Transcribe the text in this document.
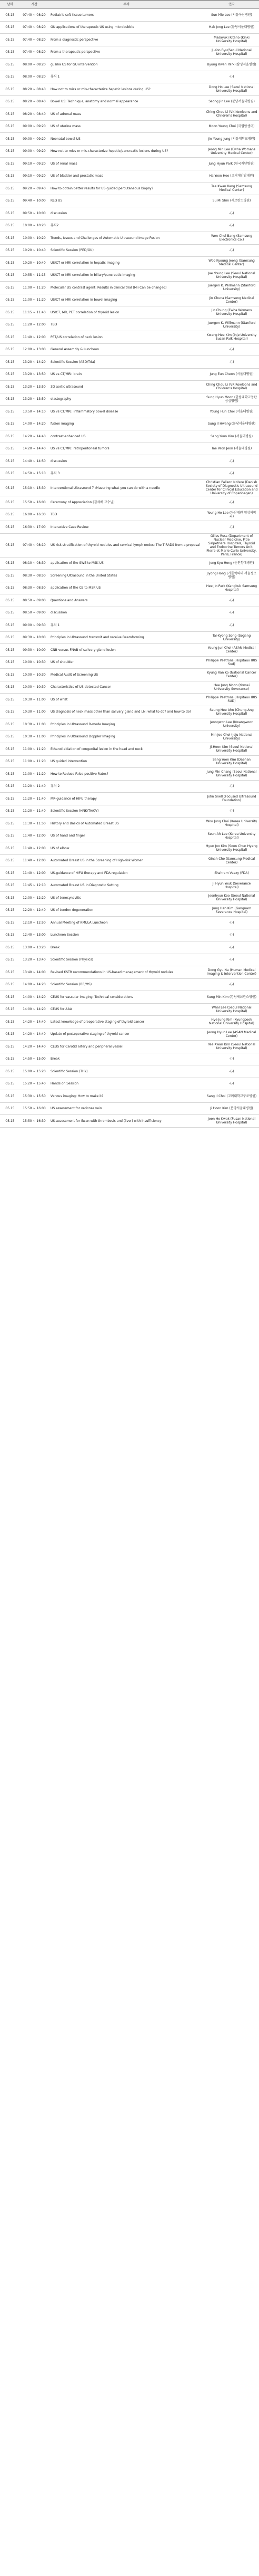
날짜	시간	주제	연자
05.15	07:40 ~ 08:20	Pediatric soft tissue tumors	Sun Mie Lee (서울아산병원)
05.15	07:40 ~ 08:20	GU applications of therapeutic US using microbubble	Hak Jong Lee (분당서울대병원)
05.15	07:40 ~ 08:20	From a diagnostic perspective	Masayuki Kitano (Kinki University Hospital)
05.15	07:40 ~ 08:20	From a therapeutic perspective	Ji-Kon Ryu(Seoul National University Hospital)
05.15	08:00 ~ 08:20	gusiha US for GU intervention	Byung Kwan Park (삼성서울병원)
05.15	08:00 ~ 08:20	휴식 1	-(-)
05.15	08:20 ~ 08:40	How not to miss or mis-characterize hepatic lesions during US?	Dong Ho Lee (Seoul National University Hospital)
05.15	08:20 ~ 08:40	Bowel US: Technique, anatomy and normal appearance	Seong Jin Lee (분당서울대병원)
05.15	08:20 ~ 08:40	US of adrenal mass	Ching Chou Li (VK Kowloons and Children's Hospital)
05.15	09:00 ~ 09:20	US of uterine mass	Moon Young Choi (국립암센터)
05.15	09:00 ~ 09:20	Neonatal bowel US	Jin Young Jung (서울대학교병원)
05.15	09:00 ~ 09:20	How not to miss or mis-characterize hepatic/pancreatic lesions during US?	Jeong Min Lee (Ewha Womans University Medical Center)
05.15	09:10 ~ 09:20	US of renal mass	Jung Hyun Park (한국재단병원)
05.15	09:10 ~ 09:20	US of bladder and prostatic mass	Ha Yoon Hee (고려대안암병원)
05.15	09:20 ~ 09:40	How to obtain better results for US-guided percutaneous biopsy?	Tae Kwan Kang (Samsung Medical Center)
05.15	09:40 ~ 10:00	RLQ US	Su Mi Shin (세브란스병원)
05.15	09:50 ~ 10:00	discussion	-(-)
05.15	10:00 ~ 10:20	휴식2	-(-)
05.15	10:00 ~ 10:20	Trends, Issues and Challenges of Automatic Ultrasound Image Fusion	Won-Chul Bang (Samsung Electronics Co.)
05.15	10:20 ~ 10:40	Scientific Session (PED/GU)	-(-)
05.15	10:20 ~ 10:40	US/CT or MRI correlation in hepatic imaging	Woo Kyoung Jeong (Samsung Medical Center)
05.15	10:55 ~ 11:15	US/CT or MRI correlation in biliary/pancreatic imaging	Jae Young Lee (Seoul National University Hospital)
05.15	11:00 ~ 11:20	Molecular US contrast agent: Results in clinical trial (Mii Can be changed)	Juergen K. Willmann (Stanford University)
05.15	11:00 ~ 11:20	US/CT or MRI correlation in bowel imaging	Jin Chuna (Samsung Medical Center)
05.15	11:15 ~ 11:40	US/CT, MR, PET correlation of thyroid lesion	Jin Chung (Ewha Womans University Hospital)
05.15	11:20 ~ 12:00	TBD	Juergen K. Willmann (Stanford University)
05.15	11:40 ~ 12:00	PET/US correlation of neck lesion	Kwang Hee Kim (Inje University Busan Paik Hospital)
05.15	12:00 ~ 13:00	General Assembly & Luncheon	-(-)
05.15	13:20 ~ 14:20	Scientific Session (ABD/Tda)	-(-)
05.15	13:20 ~ 13:50	US vs CT/MRI: brain	Jung Eun Cheon (서울대병원)
05.15	13:20 ~ 13:50	3D aortic ultrasound	Ching Chou Li (VK Kowloons and Children's Hospital)
05.15	13:20 ~ 13:50	elastography	Sung Hyun Moon (한림대학교동탄성심병원)
05.15	13:50 ~ 14:10	US vs CT/MRI: inflammatory bowel disease	Young Hun Choi (서울대병원)
05.15	14:00 ~ 14:20	fusion imaging	Sung Il Hwang (분당서울대병원)
05.15	14:20 ~ 14:40	contrast-enhanced US	Sang Youn Kim (서울대병원)
05.15	14:20 ~ 14:40	US vs CT/MRI: retroperitoneal tumors	Tae Yeon Jeon (서울대병원)
05.15	14:40 ~ 14:50	discussion	-(-)
05.15	14:50 ~ 15:10	휴식 3	-(-)
05.15	15:10 ~ 15:30	Interventional Ultrasound 7 :Masuring what you can do with a needle	Christian Pallson Nolsoe (Danish Society of Diagnostic Ultrasound Center for Clinical Education and University of Copenhagen)
05.15	15:50 ~ 16:00	Ceremony of Appreciation (김세배 교수님)	-(-)
05.15	16:00 ~ 16:30	TBD	Young Ho Lee (아산병원 영상의학과)
05.15	16:30 ~ 17:00	Interactive Case Review	-(-)
05.15	07:40 ~ 08:10	US risk stratification of thyroid nodules and cervical lymph nodes: The TIRADS from a proposal	Gilles Russ (Department of Nuclear Medicine, Pitie Salpetriere Hospitals, Thyroid and Endocrine Tumors Unit, Pierre et Marie Curie University, Paris, France)
05.15	08:10 ~ 08:30	application of the SWE to MSK US	Jong Kyu Hong (순천향대병원)
05.15	08:30 ~ 08:50	Screening Ultrasound in the United States	Jiyong Hong (가톨릭의대 서울성모병원)
05.15	08:30 ~ 08:50	application of the CE to MSK US	Hee Jin Park (Kangbuk Samsung Hospital)
05.15	08:50 ~ 09:00	Questions and Answers	-(-)
05.15	08:50 ~ 09:00	discussion	-(-)
05.15	09:00 ~ 09:30	휴식 1	-(-)
05.15	09:30 ~ 10:00	Principles in Ultrasound transmit and receive Beamforming	Tai-Kyong Song (Sogang University)
05.15	09:30 ~ 10:00	CNB versus FNAB of salivary gland lesion	Young Jun Choi (ASAN Medical Center)
05.15	10:00 ~ 10:30	US of shoulder	Philippe Peetrons (Hopitaux IRIS Sud)
05.15	10:00 ~ 10:30	Medical Audit of Screening US	Kyung Ran Ko (National Cancer Center)
05.15	10:00 ~ 10:30	Characteristics of US-detected Cancer	Hee Jung Moon (Yonsei University Severance)
05.15	10:30 ~ 11:00	US of wrist	Philippe Peetrons (Hopitaux IRIS SUD)
05.15	10:30 ~ 11:00	US diagnosis of neck mass other than salivary gland and LN: what to do? and how to do?	Seung Hee Ahn (Chung-Ang University Hospital)
05.15	10:30 ~ 11:00	Principles in Ultrasound B-mode Imaging	Jeongwon Lee (Kwangwoon University)
05.15	10:30 ~ 11:00	Principles in Ultrasound Doppler Imaging	Min Joo Choi (Jeju National University)
05.15	11:00 ~ 11:20	Ethanol ablation of congenital lesion in the head and neck	Ji-Hoon Kim (Seoul National University Hospital)
05.15	11:00 ~ 11:20	US guided intervention	Sang Yoon Kim (Daehan University Hospital)
05.15	11:00 ~ 11:20	How to Reduce False-positive Rates?	Jung Min Chang (Seoul National University Hospital)
05.15	11:20 ~ 11:40	휴식 2	-(-)
05.15	11:20 ~ 11:40	MR-guidance of HIFU therapy	John Snell (Focused Ultrasound Foundation)
05.15	11:20 ~ 11:40	Scientific Session (HNK/TA/CV)	-(-)
05.15	11:30 ~ 11:50	History and Basics of Automated Breast US	Woo Jung Choi (Korea University Hospital)
05.15	11:40 ~ 12:00	US of hand and finger	Seun Ah Lee (Korea University Hospital)
05.15	11:40 ~ 12:00	US of elbow	Hyun Joo Kim (Soon Chun Hyang University Hospital)
05.15	11:40 ~ 12:00	Automated Breast US in the Screening of High-risk Women	Ginah Cho (Samsung Medical Center)
05.15	11:40 ~ 12:00	US-guidance of HIFU therapy and FDA regulation	Shahram Vaezy (FDA)
05.15	11:45 ~ 12:10	Automated Breast US in Diagnostic Setting	Ji Hyun Youk (Severance Hospital)
05.15	12:00 ~ 12:20	US of tenosynovitis	Jeonhyun Koo (Seoul National University Hospital)
05.15	12:20 ~ 12:40	US of tendon degeneration	Jung Han Kim (Gangnam Severance Hospital)
05.15	12:10 ~ 12:50	Annual Meeting of KMULA Luncheon	-(-)
05.15	12:40 ~ 13:00	Luncheon Session	-(-)
05.15	13:00 ~ 13:20	Break	-(-)
05.15	13:20 ~ 13:40	Scientific Session (Physics)	-(-)
05.15	13:40 ~ 14:00	Revised KSTR recommendations in US-based management of thyroid nodules	Dong Gyu Na (Human Medical Imaging & Intervention Center)
05.15	14:00 ~ 14:20	Scientific Session (BR/MS)	-(-)
05.15	14:00 ~ 14:20	CEUS for vascular imaging: Technical considerations	Sung Min Kim (강남세브란스병원)
05.15	14:00 ~ 14:20	CEUS for AAA	Whal Lee (Seoul National University Hospital)
05.15	14:20 ~ 14:40	Latest knowledge of preoperative staging of thyroid cancer	Hye Jung Kim (Kyungpook National University Hospital)
05.15	14:20 ~ 14:40	Update of postoperative staging of thyroid cancer	Jeong Hyun Lee (ASAN Medical Center)
05.15	14:20 ~ 14:40	CEUS for Carotid artery and peripheral vessel	Yee Kwan Kim (Seoul National University Hospital)
05.15	14:50 ~ 15:00	Break	-(-)
05.15	15:00 ~ 15:20	Scientific Session (THY)	-(-)
05.15	15:20 ~ 15:40	Hands on Session	-(-)
05.15	15:30 ~ 15:50	Venous imaging: How to make it?	Sang Il Choi (고려대학교구로병원)
05.15	15:50 ~ 16:00	US assessment for varicose vein	Ji Hoon Kim (분당서울대병원)
05.15	15:50 ~ 16:30	US-assessment for Ilwan with thrombosis and (liver) with insufficiency	Joon Ho Kwak (Pusan National University Hospital)
